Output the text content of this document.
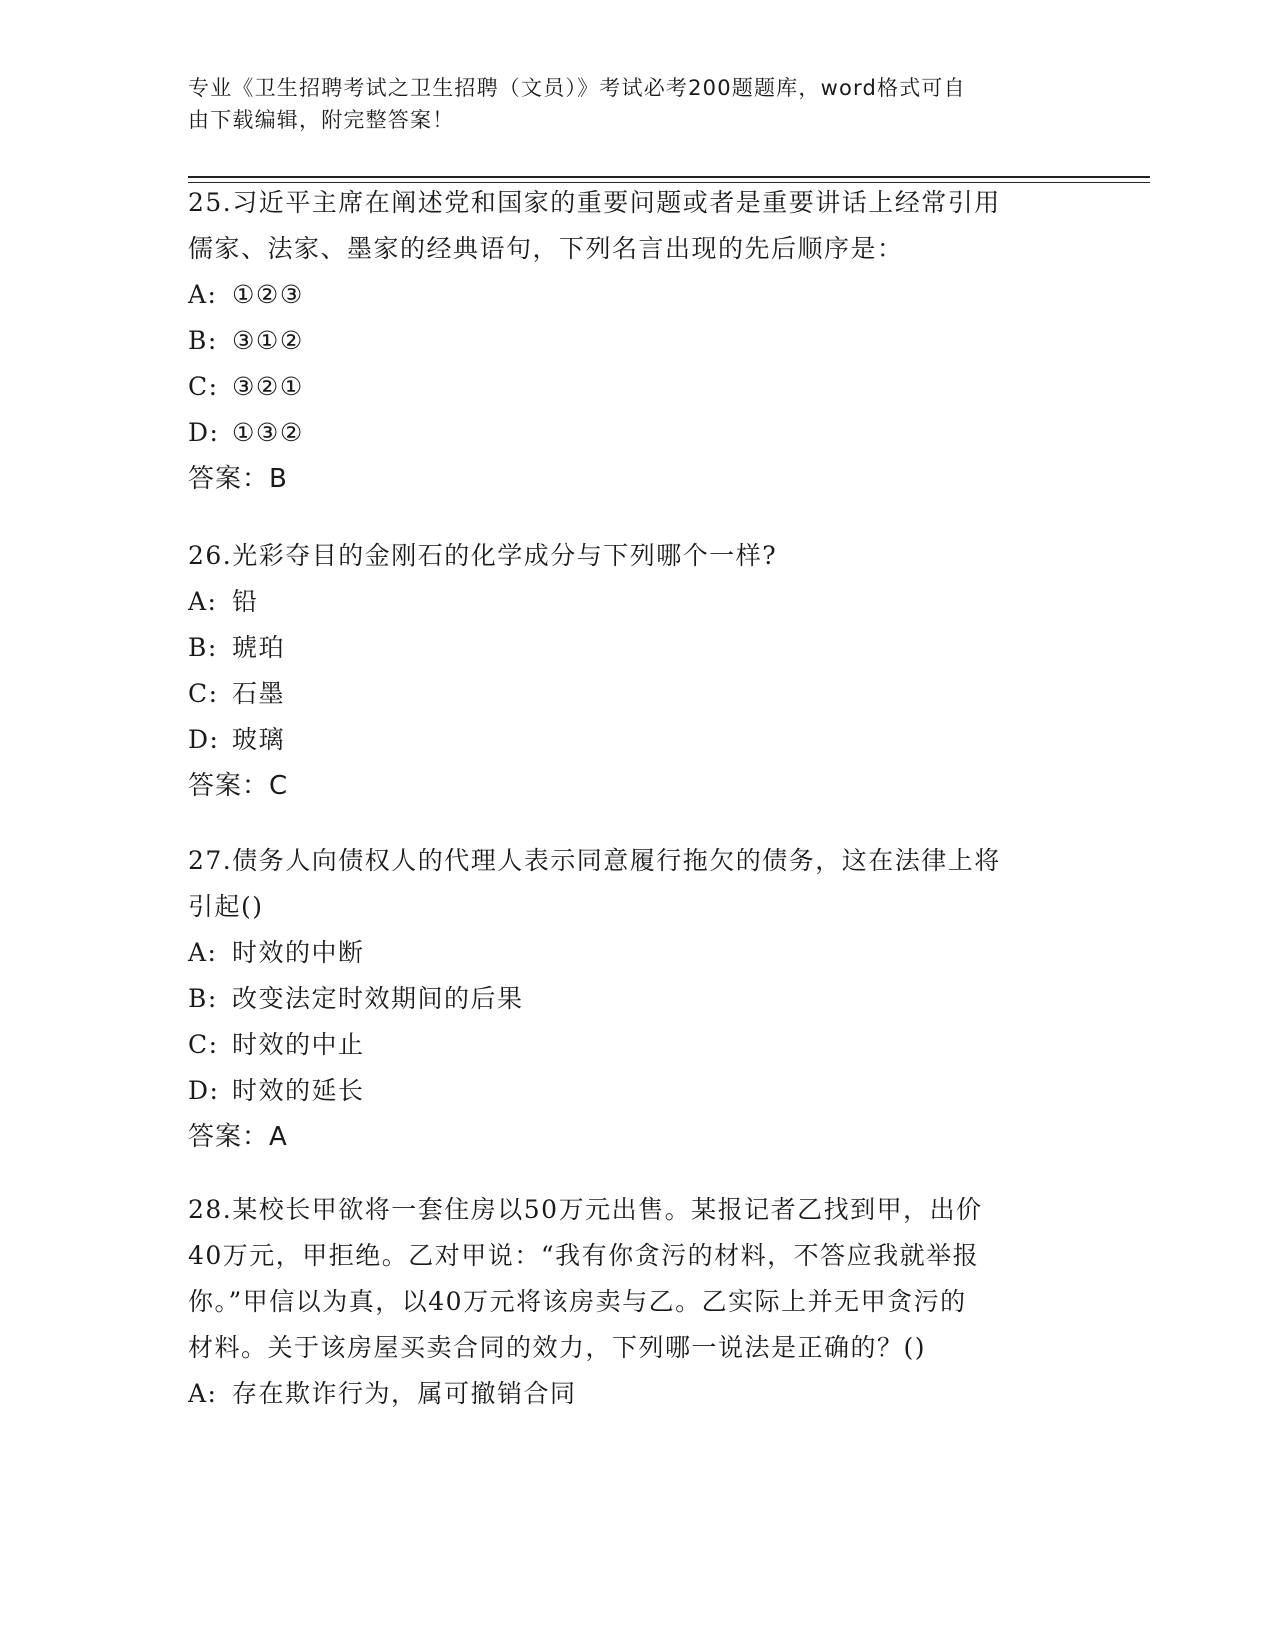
专业《卫生招聘考试之卫生招聘（文员）》考试必考200题题库，word格式可自
由下载编辑，附完整答案！

25.习近平主席在阐述党和国家的重要问题或者是重要讲话上经常引用

儒家、法家、墨家的经典语句，下列名言出现的先后顺序是：

A: ①②③

B: ③①②

C: ③②①

D: ①③②

答案：B

26.光彩夺目的金刚石的化学成分与下列哪个一样?

A: 铅

B: 琥珀

C: 石墨

D: 玻璃

答案：C

27.债务人向债权人的代理人表示同意履行拖欠的债务，这在法律上将

引起()

A: 时效的中断

B: 改变法定时效期间的后果

C: 时效的中止

D: 时效的延长

答案：A

28.某校长甲欲将一套住房以50万元出售。某报记者乙找到甲，出价

40万元，甲拒绝。乙对甲说：“我有你贪污的材料，不答应我就举报

你。”甲信以为真，以40万元将该房卖与乙。乙实际上并无甲贪污的

材料。关于该房屋买卖合同的效力，下列哪一说法是正确的？()

A: 存在欺诈行为，属可撤销合同
